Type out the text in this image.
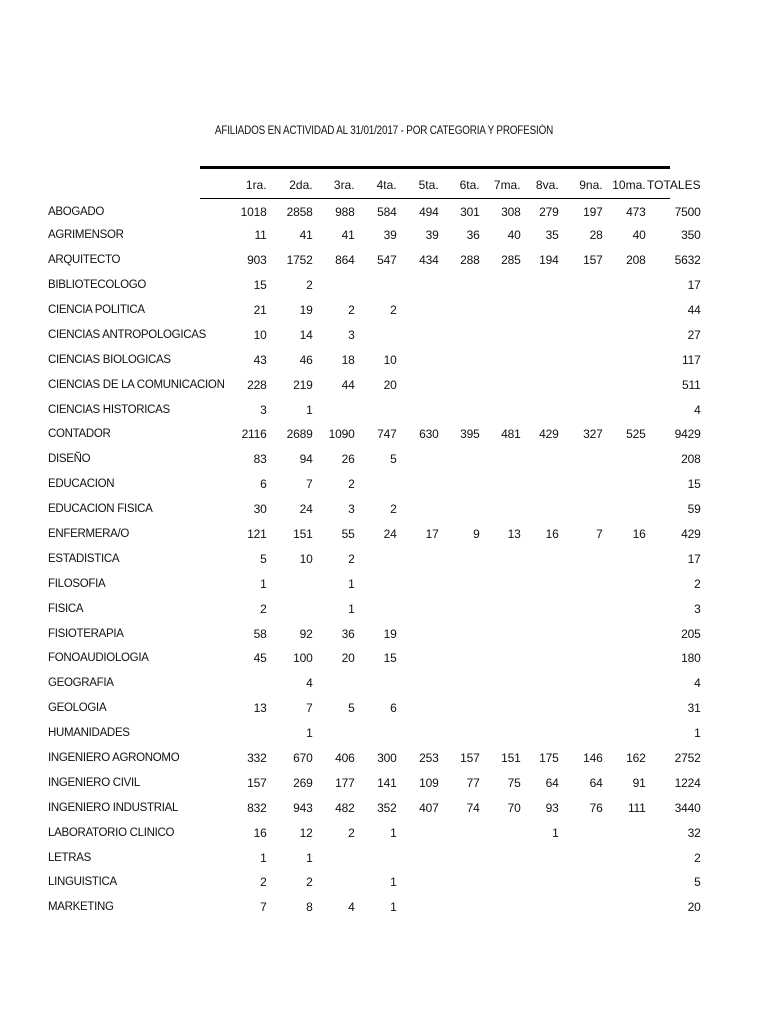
AFILIADOS EN ACTIVIDAD AL 31/01/2017 - POR CATEGORIA Y PROFESIÓN
	1ra.	2da.	3ra.	4ta.	5ta.	6ta.	7ma.	8va.	9na.	10ma.	TOTALES
ABOGADO	1018	2858	988	584	494	301	308	279	197	473	7500
AGRIMENSOR	11	41	41	39	39	36	40	35	28	40	350
ARQUITECTO	903	1752	864	547	434	288	285	194	157	208	5632
BIBLIOTECOLOGO	15	2									17
CIENCIA POLITICA	21	19	2	2							44
CIENCIAS ANTROPOLOGICAS	10	14	3								27
CIENCIAS BIOLOGICAS	43	46	18	10							117
CIENCIAS DE LA COMUNICACION	228	219	44	20							511
CIENCIAS HISTORICAS	3	1									4
CONTADOR	2116	2689	1090	747	630	395	481	429	327	525	9429
DISEÑO	83	94	26	5							208
EDUCACION	6	7	2								15
EDUCACION FISICA	30	24	3	2							59
ENFERMERA/O	121	151	55	24	17	9	13	16	7	16	429
ESTADISTICA	5	10	2								17
FILOSOFIA	1		1								2
FISICA	2		1								3
FISIOTERAPIA	58	92	36	19							205
FONOAUDIOLOGIA	45	100	20	15							180
GEOGRAFIA		4									4
GEOLOGIA	13	7	5	6							31
HUMANIDADES		1									1
INGENIERO AGRONOMO	332	670	406	300	253	157	151	175	146	162	2752
INGENIERO CIVIL	157	269	177	141	109	77	75	64	64	91	1224
INGENIERO INDUSTRIAL	832	943	482	352	407	74	70	93	76	111	3440
LABORATORIO CLINICO	16	12	2	1				1			32
LETRAS	1	1									2
LINGUISTICA	2	2		1							5
MARKETING	7	8	4	1							20
